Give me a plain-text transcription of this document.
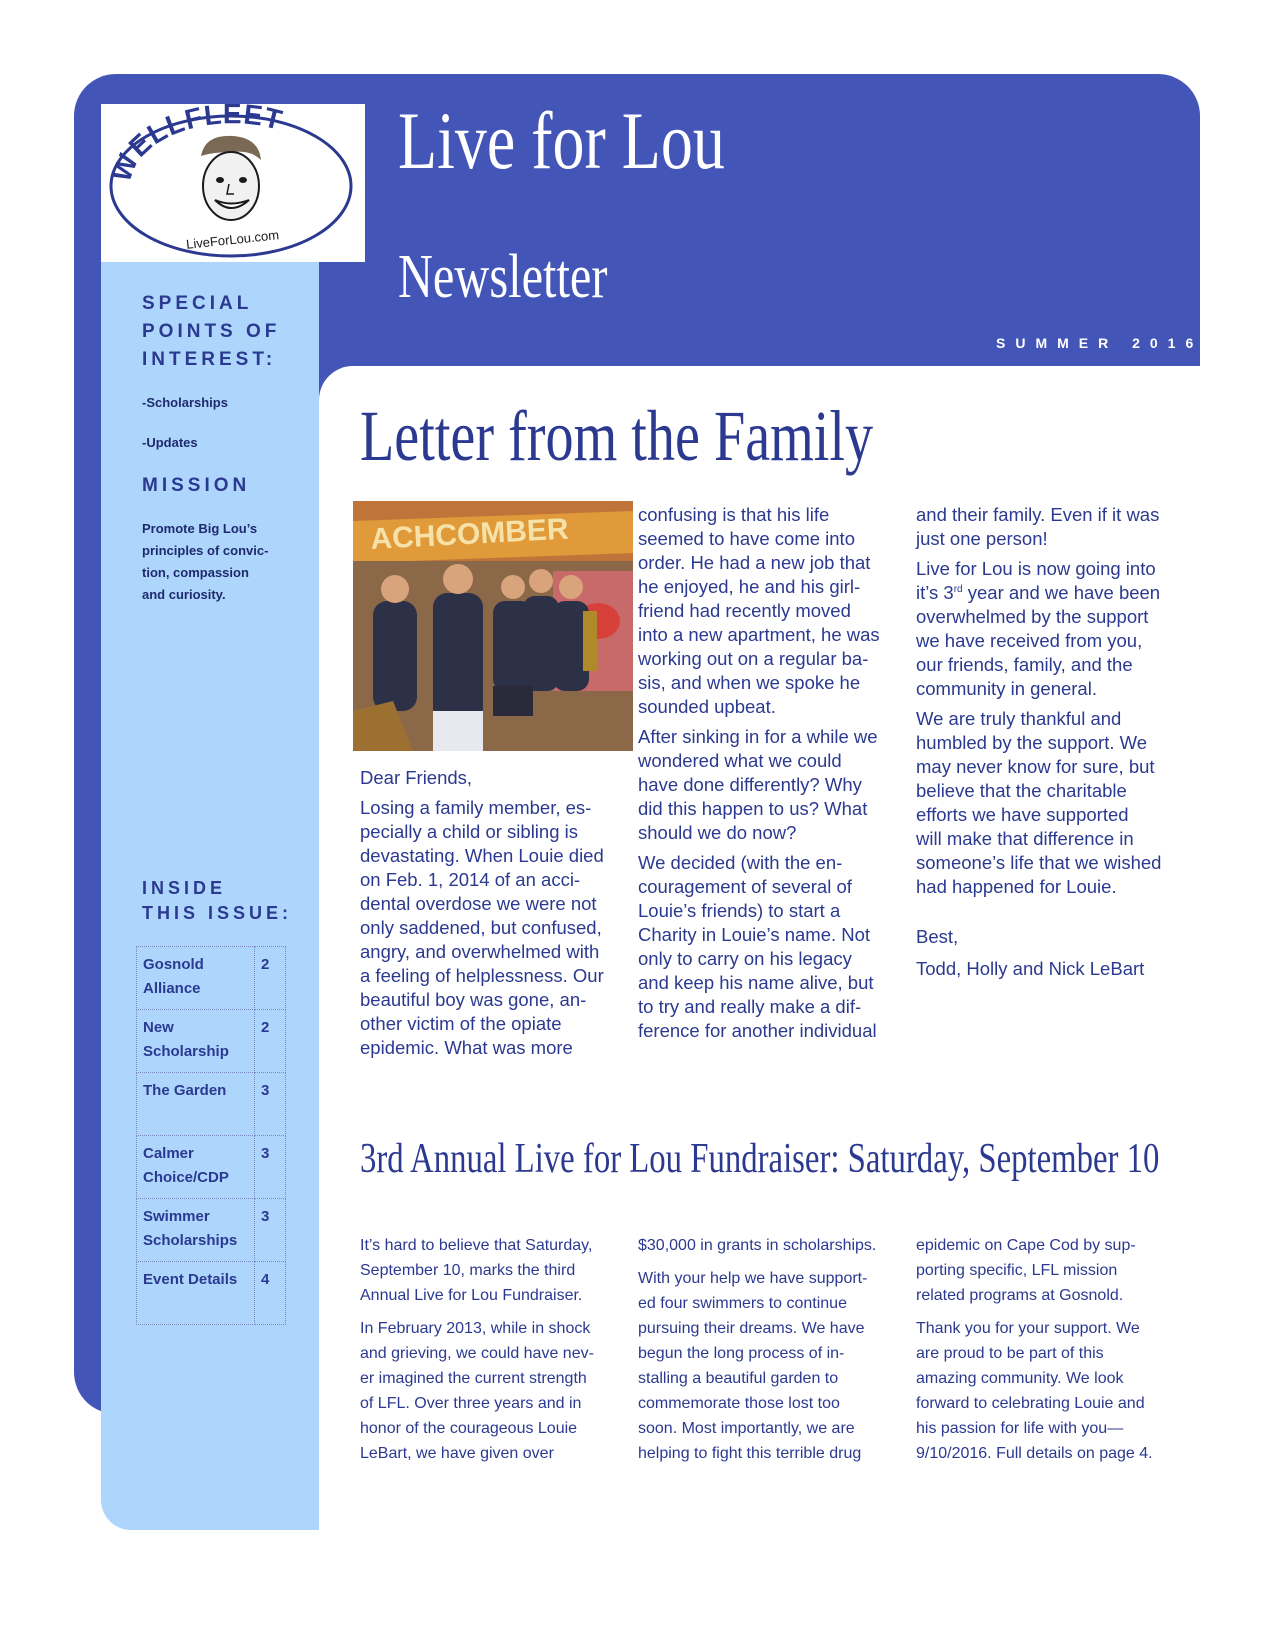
WELLFLEET
LiveForLou.com
Live for Lou
Newsletter
SUMMER 2016
SPECIAL
POINTS OF
INTEREST:
-Scholarships
-Updates
MISSION
Promote Big Lou’s
principles of convic-
tion, compassion
and curiosity.
INSIDE
THIS ISSUE:
Gosnold
Alliance	2

New
Scholarship	2

The Garden	3

Calmer
Choice/CDP	3

Swimmer
Scholarships	3

Event Details	4
Letter from the Family
ACHCOMBER

Dear Friends,

Losing a family member, es-
pecially a child or sibling is
devastating. When Louie died
on Feb. 1, 2014 of an acci-
dental overdose we were not
only saddened, but confused,
angry, and overwhelmed with
a feeling of helplessness. Our
beautiful boy was gone, an-
other victim of the opiate
epidemic. What was more

confusing is that his life
seemed to have come into
order. He had a new job that
he enjoyed, he and his girl-
friend had recently moved
into a new apartment, he was
working out on a regular ba-
sis, and when we spoke he
sounded upbeat.

After sinking in for a while we
wondered what we could
have done differently? Why
did this happen to us? What
should we do now?

We decided (with the en-
couragement of several of
Louie’s friends) to start a
Charity in Louie’s name. Not
only to carry on his legacy
and keep his name alive, but
to try and really make a dif-
ference for another individual

and their family. Even if it was
just one person!

Live for Lou is now going into
it’s 3rd year and we have been
overwhelmed by the support
we have received from you,
our friends, family, and the
community in general.

We are truly thankful and
humbled by the support. We
may never know for sure, but
believe that the charitable
efforts we have supported
will make that difference in
someone’s life that we wished
had happened for Louie.

Best,

Todd, Holly and Nick LeBart

3rd Annual Live for Lou Fundraiser: Saturday, September 10

It’s hard to believe that Saturday,
September 10, marks the third
Annual Live for Lou Fundraiser.

In February 2013, while in shock
and grieving, we could have nev-
er imagined the current strength
of LFL. Over three years and in
honor of the courageous Louie
LeBart, we have given over

$30,000 in grants in scholarships.

With your help we have support-
ed four swimmers to continue
pursuing their dreams. We have
begun the long process of in-
stalling a beautiful garden to
commemorate those lost too
soon. Most importantly, we are
helping to fight this terrible drug

epidemic on Cape Cod by sup-
porting specific, LFL mission
related programs at Gosnold.

Thank you for your support. We
are proud to be part of this
amazing community. We look
forward to celebrating Louie and
his passion for life with you—
9/10/2016. Full details on page 4.
